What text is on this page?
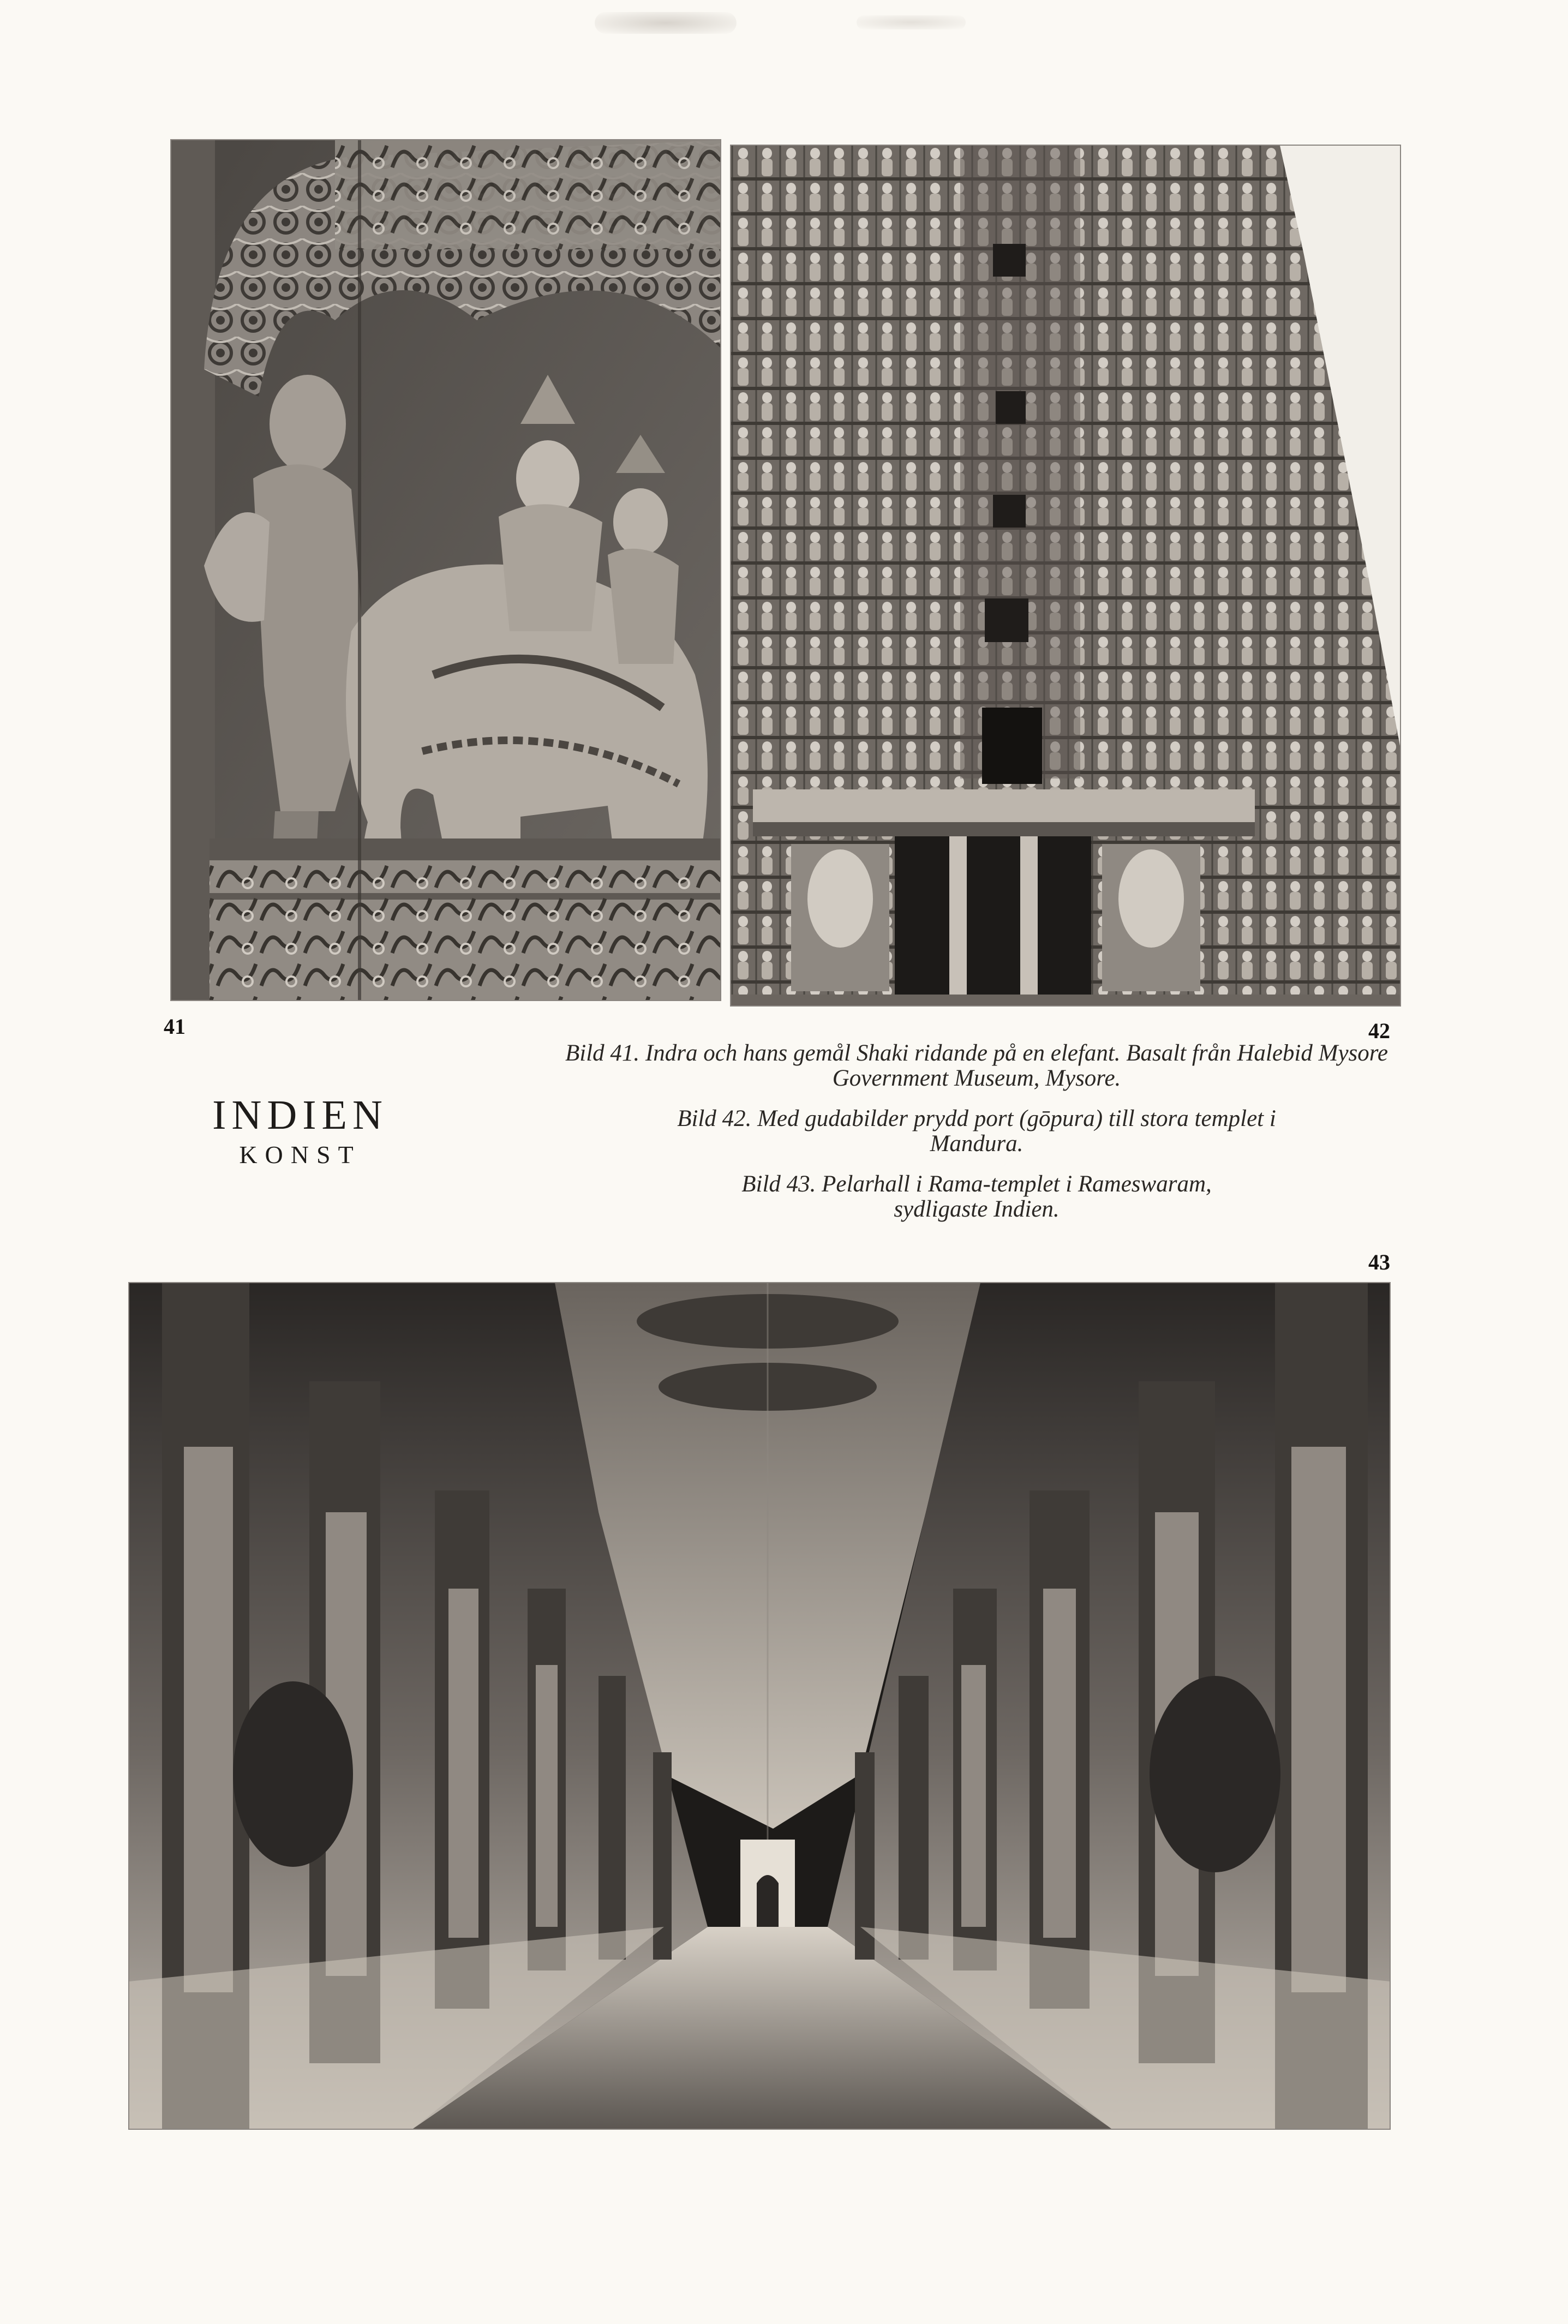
41	42
INDIEN
KONST

Bild 41. Indra och hans gemål Shaki ridande på en elefant. Basalt från Halebid Mysore Government Museum, Mysore.

Bild 42. Med gudabilder prydd port (gōpura) till stora templet i Mandura.

Bild 43. Pelarhall i Rama-templet i Rameswaram, sydligaste Indien.

43
